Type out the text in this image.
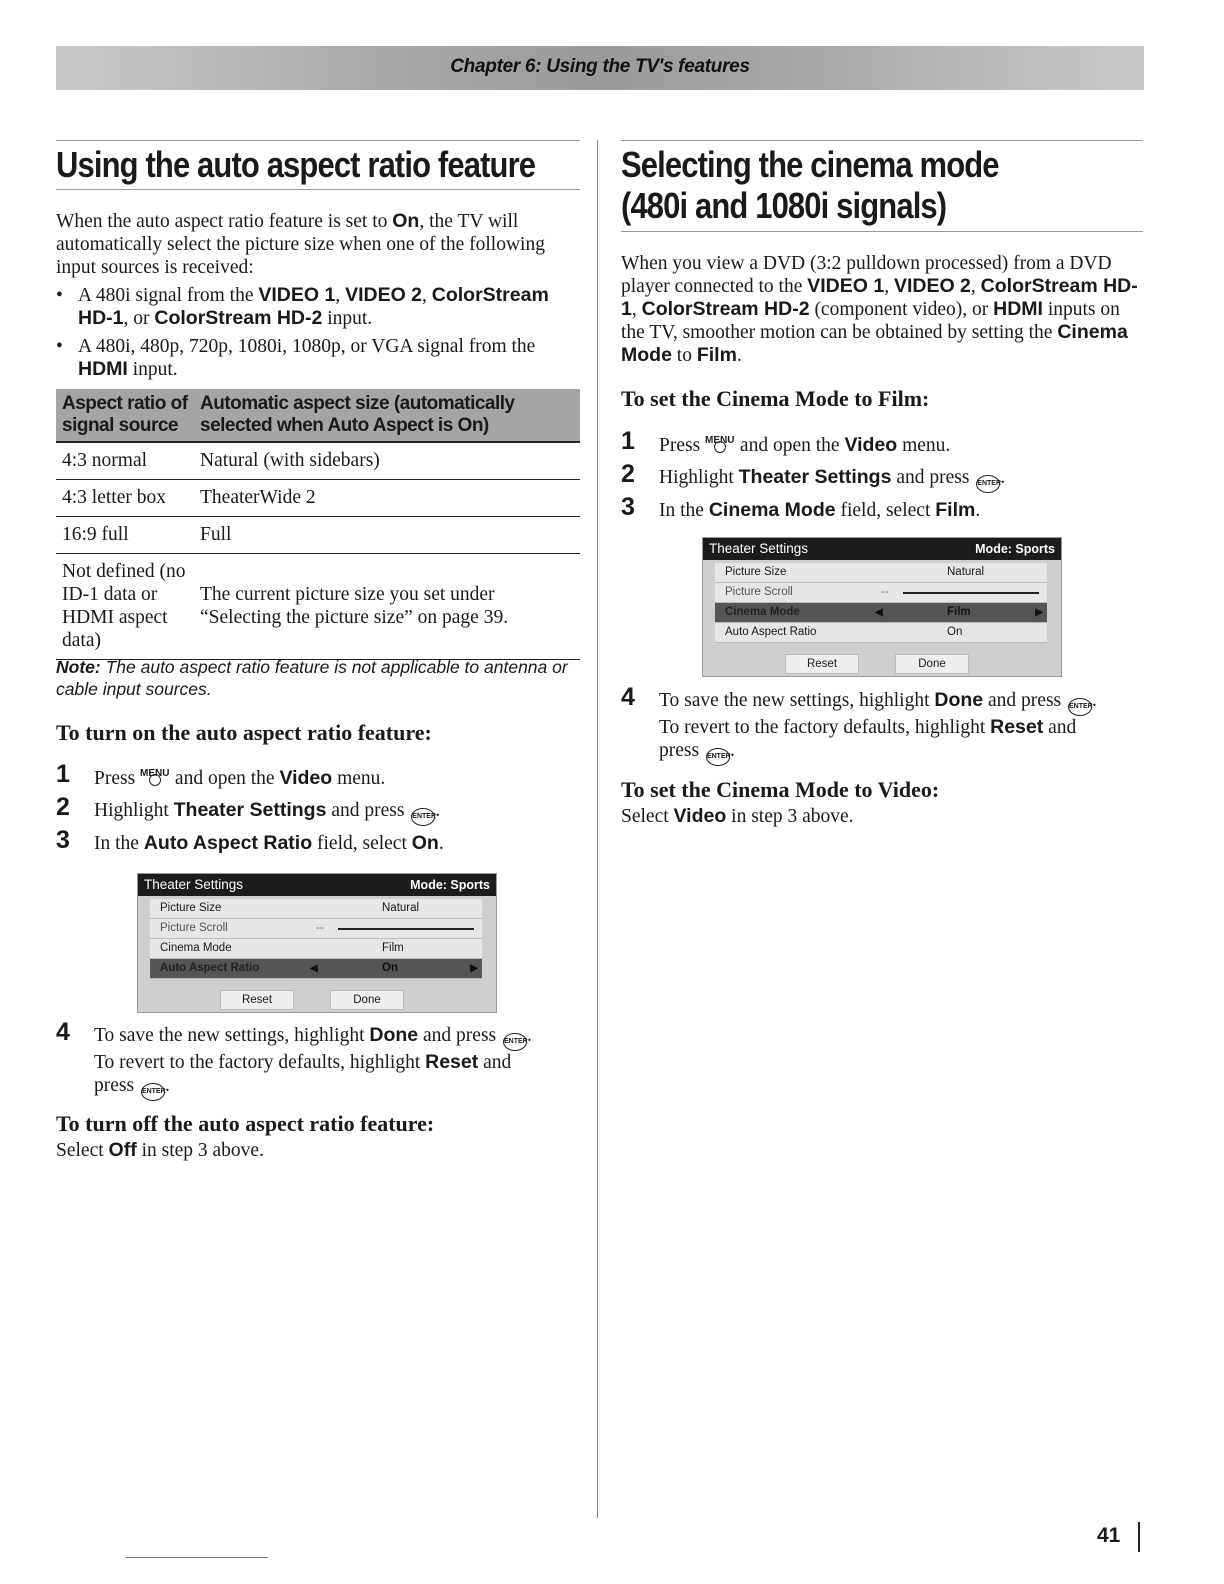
Chapter 6: Using the TV's features
Using the auto aspect ratio feature

When the auto aspect ratio feature is set to On, the TV will automatically select the picture size when one of the following input sources is received:

• A 480i signal from the VIDEO 1, VIDEO 2, ColorStream HD-1, or ColorStream HD-2 input.
• A 480i, 480p, 720p, 1080i, 1080p, or VGA signal from the HDMI input.
Aspect ratio of signal source	Automatic aspect size (automatically selected when Auto Aspect is On)
4:3 normal	Natural (with sidebars)
4:3 letter box	TheaterWide 2
16:9 full	Full
Not defined (no ID-1 data or HDMI aspect data)	The current picture size you set under “Selecting the picture size” on page 39.

Note: The auto aspect ratio feature is not applicable to antenna or cable input sources.

To turn on the auto aspect ratio feature:
1 Press MENU and open the Video menu.
2 Highlight Theater Settings and press ENTER.
3 In the Auto Aspect Ratio field, select On.
Theater Settings	Mode: Sports
Picture Size	Natural
Picture Scroll	--
Cinema Mode	Film
Auto Aspect Ratio	◀	On	▶
Reset	Done
4 To save the new settings, highlight Done and press ENTER.
To revert to the factory defaults, highlight Reset and
press ENTER.
To turn off the auto aspect ratio feature:

Select Off in step 3 above.

Selecting the cinema mode
(480i and 1080i signals)

When you view a DVD (3:2 pulldown processed) from a DVD player connected to the VIDEO 1, VIDEO 2, ColorStream HD-1, ColorStream HD-2 (component video), or HDMI inputs on the TV, smoother motion can be obtained by setting the Cinema Mode to Film.

To set the Cinema Mode to Film:
1 Press MENU and open the Video menu.
2 Highlight Theater Settings and press ENTER.
3 In the Cinema Mode field, select Film.
Theater Settings	Mode: Sports
Picture Size	Natural
Picture Scroll	--
Cinema Mode	◀	Film	▶
Auto Aspect Ratio	On
Reset	Done
4 To save the new settings, highlight Done and press ENTER.
To revert to the factory defaults, highlight Reset and
press ENTER.
To set the Cinema Mode to Video:

Select Video in step 3 above.

41
